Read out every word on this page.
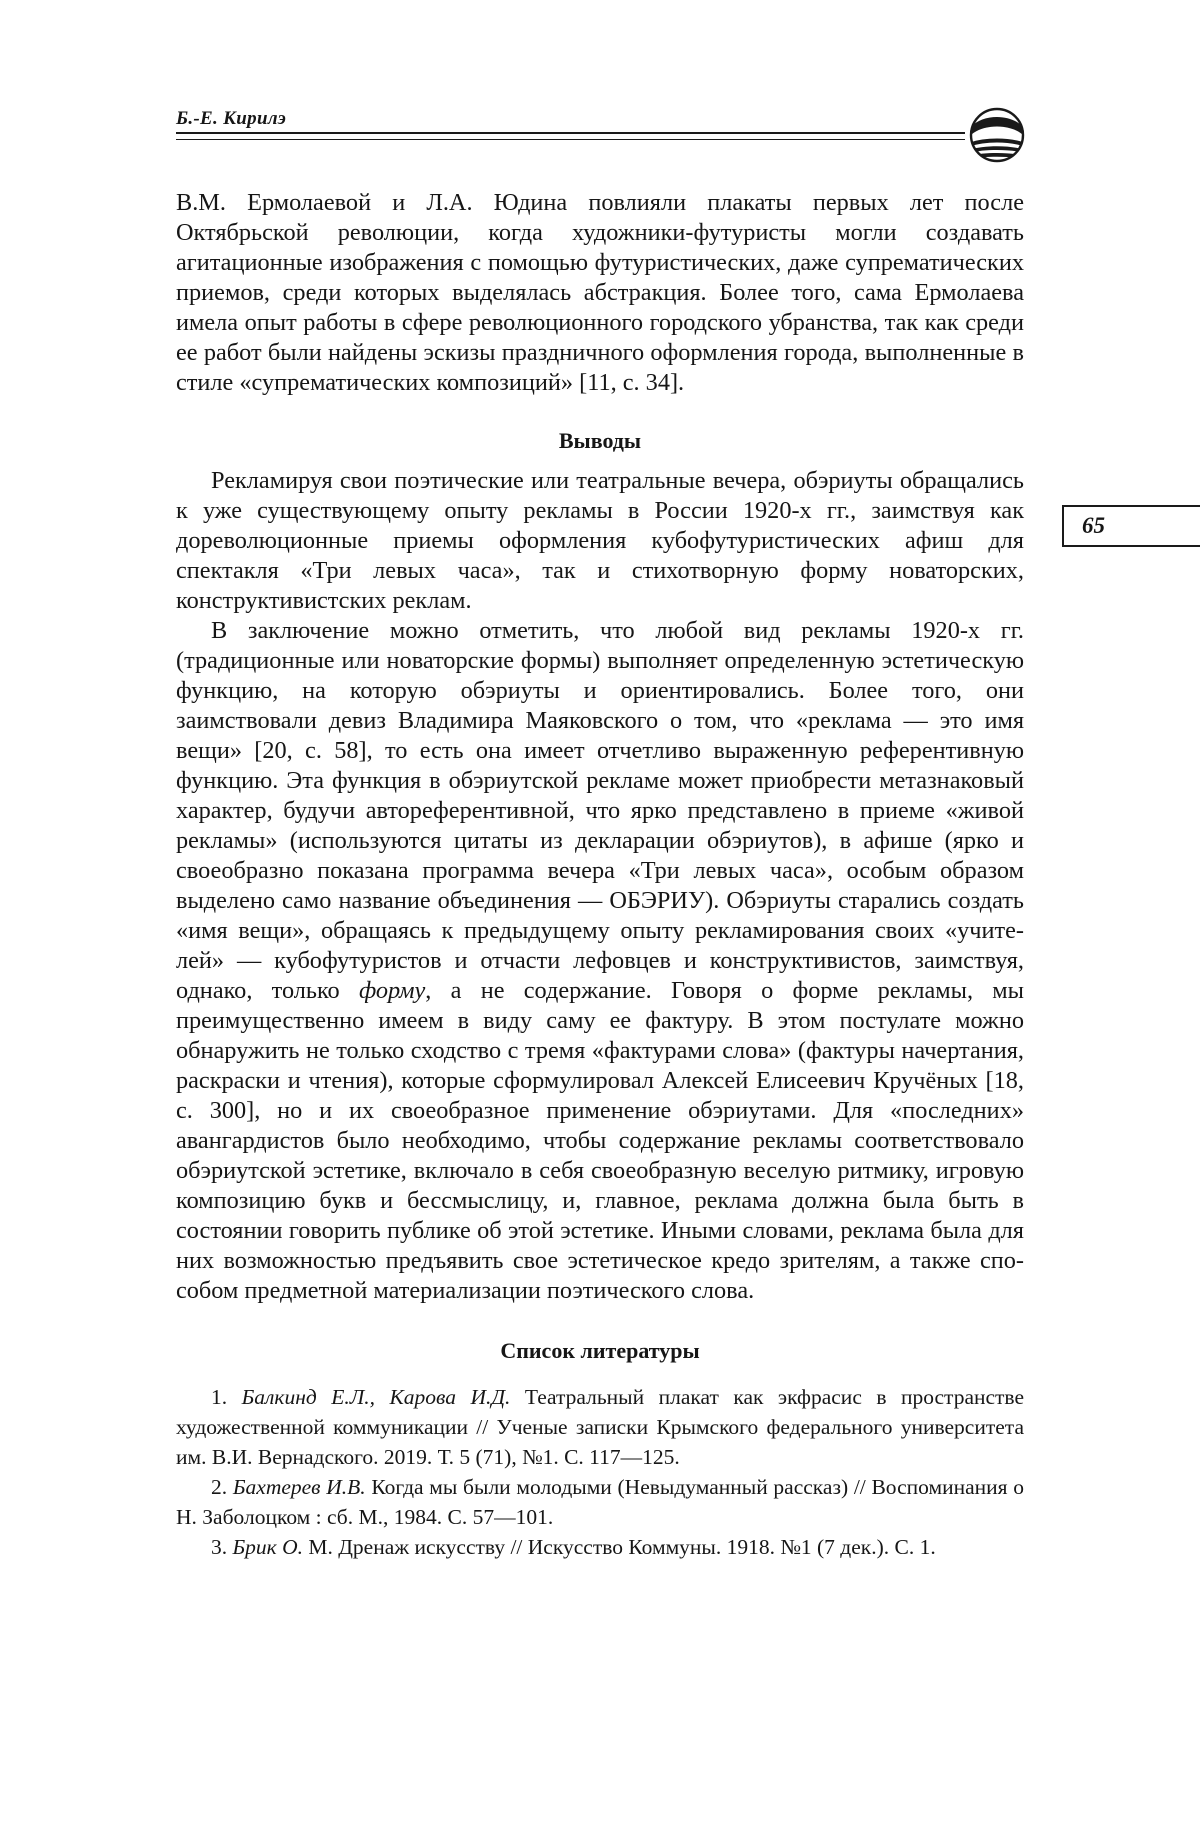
Б.-Е. Кирилэ
65

В.М. Ермолаевой и Л.А. Юдина повлияли плакаты первых лет после Октябрьской революции, когда художники-футуристы могли создавать агитационные изображения с помощью футуристических, даже супрематических приемов, среди которых выделялась абстракция. Более того, сама Ермолаева имела опыт работы в сфере революционного городского убранства, так как среди ее работ были найдены эскизы праздничного оформления города, выполненные в стиле «супрематических композиций» [11, с. 34].

Выводы

Рекламируя свои поэтические или театральные вечера, обэриуты обращались к уже существующему опыту рекламы в России 1920-х гг., заимствуя как дореволюционные приемы оформления кубофутуристических афиш для спектакля «Три левых часа», так и стихотворную форму новаторских, конструктивистских реклам.

В заключение можно отметить, что любой вид рекламы 1920-х гг. (традиционные или новаторские формы) выполняет определенную эстетическую функцию, на которую обэриуты и ориентировались. Более того, они заимствовали девиз Владимира Маяковского о том, что «реклама — это имя вещи» [20, с. 58], то есть она имеет отчетливо выраженную референтивную функцию. Эта функция в обэриутской рекламе может приобрести метазнаковый характер, будучи автореферентивной, что ярко представлено в приеме «живой рекламы» (используются цитаты из декларации обэриутов), в афише (ярко и своеобразно показана программа вечера «Три левых часа», особым образом выделено само название объединения — ОБЭРИУ). Обэриуты старались создать «имя вещи», обращаясь к предыдущему опыту рекламирования своих «учителей» — кубофутуристов и отчасти лефовцев и конструктивистов, заимствуя, однако, только форму, а не содержание. Говоря о форме рекламы, мы преимущественно имеем в виду саму ее фактуру. В этом постулате можно обнаружить не только сходство с тремя «фактурами слова» (фактуры начертания, раскраски и чтения), которые сформулировал Алексей Елисеевич Кручёных [18, с. 300], но и их своеобразное применение обэриутами. Для «последних» авангардистов было необходимо, чтобы содержание рекламы соответствовало обэриутской эстетике, включало в себя своеобразную веселую ритмику, игровую композицию букв и бессмыслицу, и, главное, реклама должна была быть в состоянии говорить публике об этой эстетике. Иными словами, реклама была для них возможностью предъявить свое эстетическое кредо зрителям, а также способом предметной материализации поэтического слова.

Список литературы

1. Балкинд Е.Л., Карова И.Д. Театральный плакат как экфрасис в пространстве художественной коммуникации // Ученые записки Крымского федерального университета им. В.И. Вернадского. 2019. Т. 5 (71), №1. С. 117—125.

2. Бахтерев И.В. Когда мы были молодыми (Невыдуманный рассказ) // Воспоминания о Н. Заболоцком : сб. М., 1984. С. 57—101.

3. Брик О. М. Дренаж искусству // Искусство Коммуны. 1918. №1 (7 дек.). С. 1.
